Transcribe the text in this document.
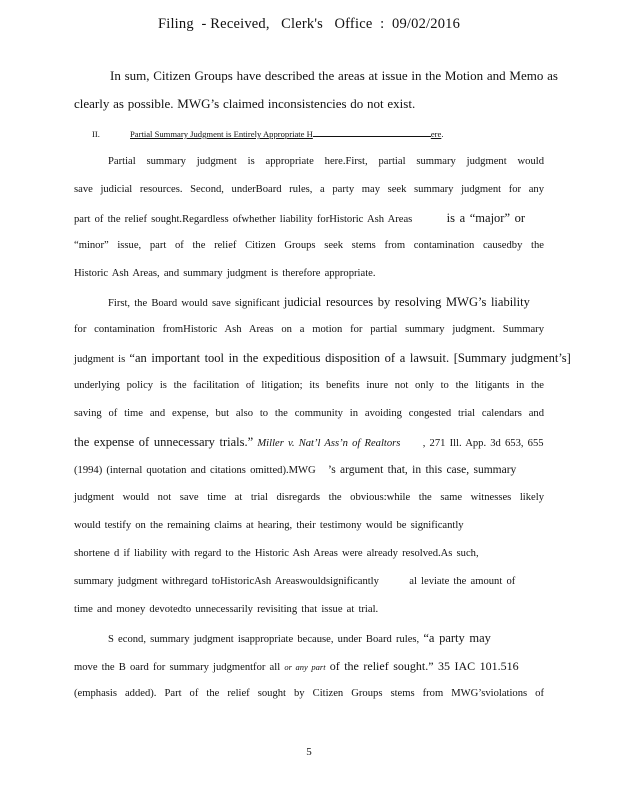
Filing  - Received,   Clerk's   Office  :  09/02/2016
In sum, Citizen Groups have described the areas at issue in the Motion and Memo as
clearly as possible. MWG’s claimed inconsistencies do not exist.
Partial summary judgment is appropriate here.First, partial summary judgment would
save judicial resources. Second, underBoard rules, a party may seek summary judgment for any
part of the relief sought.Regardless ofwhether liability forHistoric Ash Areas	is a “major” or
“minor” issue, part of the relief Citizen Groups seek stems from contamination causedby the
Historic Ash Areas, and summary judgment is therefore appropriate.
First, the Board would save significant judicial resources by resolving MWG’s liability
for contamination fromHistoric Ash Areas on a motion for partial summary judgment. Summary
judgment is “an important tool in the expeditious disposition of a lawsuit. [Summary judgment’s]
underlying policy is the facilitation of litigation; its benefits inure not only to the litigants in the
saving of time and expense, but also to the community in avoiding congested trial calendars and
the expense of unnecessary trials.” Miller v. Nat’l Ass’n of Realtors , 271 Ill. App. 3d 653, 655
(1994) (internal quotation and citations omitted).MWG ’s argument that, in this case, summary
judgment would not save time at trial disregards the obvious:while the same witnesses likely
would testify on the remaining claims at hearing, their testimony would be significantly
shortene d if liability with regard to the Historic Ash Areas were already resolved.As such,
summary judgment withregard toHistoricAsh Areaswouldsignificantly	al leviate the amount of
time and money devotedto unnecessarily revisiting that issue at trial.
S econd, summary judgment isappropriate because, under Board rules, “a party may
move the B oard for summary judgmentfor all or any part of the relief sought.” 35 IAC 101.516
(emphasis added). Part of the relief sought by Citizen Groups stems from MWG’sviolations of
II.	Partial Summary Judgment is Entirely Appropriate H	ere.
5
